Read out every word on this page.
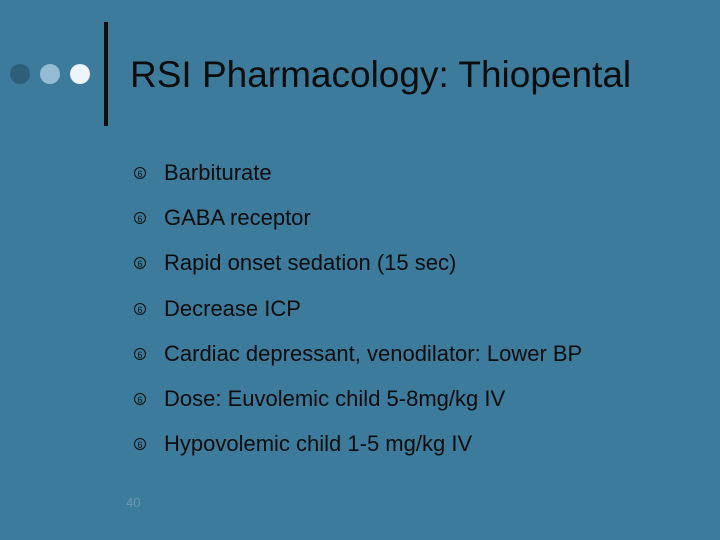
RSI Pharmacology: Thiopental
6 Barbiturate
6 GABA receptor
6 Rapid onset sedation (15 sec)
6 Decrease ICP
6 Cardiac depressant, venodilator: Lower BP
6 Dose: Euvolemic child 5-8mg/kg IV
6 Hypovolemic child 1-5 mg/kg IV
40
